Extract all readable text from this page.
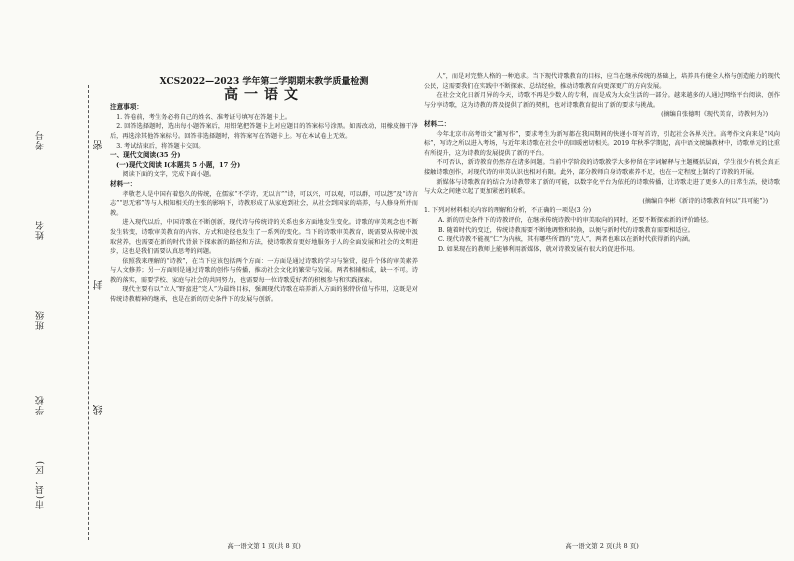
考号
姓名
班级
学校
市(县、区)
密
封
线
XCS2022—2023 学年第二学期期末教学质量检测
高一语文
注意事项：

1. 答卷前，考生务必将自己的姓名、准考证号填写在答题卡上。

2. 回答选择题时，选出每小题答案后，用铅笔把答题卡上对应题目的答案标号涂黑。如需改动，用橡皮擦干净后，再选涂其他答案标号。回答非选择题时，将答案写在答题卡上。写在本试卷上无效。

3. 考试结束后，将答题卡交回。

一、现代文阅读(35 分)
(一)现代文阅读 I(本题共 5 小题，17 分)

阅读下面的文字，完成下面小题。

材料一：

孝敬老人是中国有着悠久的传统，在儒家“不学诗，无以言”“诗，可以兴，可以观，可以群，可以怨”及“诗言志”“思无邪”等与人相知相关的主张的影响下，诗教形成了从家庭到社会，从社会到国家的培养，与人修身所并而教。

进入现代以后，中国诗歌在不断创新，现代诗与传统诗的关系也多方面地发生变化。诗歌的审美观念也不断发生转变，诗歌审美教育的内容、方式和途径也发生了一系列的变化。当下的诗歌审美教育，既需要从传统中汲取营养，也需要在新的时代背景下探索新的路径和方法，使诗歌教育更好地服务于人的全面发展和社会的文明进步，这也是我们需要认真思考的问题。

依照我来理解的“诗教”，在当下应该包括两个方面：一方面是通过诗歌的学习与鉴赏，提升个体的审美素养与人文修养；另一方面则是通过诗歌的创作与传播，推动社会文化的繁荣与发展。两者相辅相成，缺一不可。诗教的落实，需要学校、家庭与社会的共同努力，也需要每一位诗歌爱好者的积极参与和实践探索。

现代主要有以“立人”野蛮进“完人”为最终目标，强调现代诗歌在培养新人方面的独特价值与作用，这既是对传统诗教精神的继承，也是在新的历史条件下的发展与创新。

高一语文第 1 页(共 8 页)

人”，而是对完整人格的一种追求。当下现代诗歌教育的目标，应当在继承传统的基础上，培养具有健全人格与创造能力的现代公民，这需要我们在实践中不断探索、总结经验，推动诗歌教育向更深更广的方向发展。

在社会文化日新月异的今天，诗歌不再是少数人的专利，而是成为大众生活的一部分。越来越多的人通过网络平台阅读、创作与分享诗歌，这为诗教的普及提供了新的契机，也对诗歌教育提出了新的要求与挑战。

(摘编自张德明《现代美育，诗教何为》)

材料二：

今年北京市高考语文“激写作”，要求考生为新写都在我国期间的快递小哥写首诗，引起社会各界关注。高考作文向来是“风向标”，写诗之所以进入考场，与近年来诗歌在社会中的回暖密切相关。2019 年秋季学期起，高中语文统编教材中，诗歌单元的比重有所提升，这为诗教的发展提供了新的平台。

不可否认，新诗教育仍然存在诸多问题。当前中学阶段的诗歌教学大多停留在字词解释与主题概括层面，学生很少有机会真正接触诗歌创作，对现代诗的审美认识也相对有限。此外，部分教师自身诗歌素养不足，也在一定程度上制约了诗教的开展。

新媒体与诗歌教育的结合为诗教带来了新的可能，以数字化平台为依托的诗歌传播，让诗歌走进了更多人的日常生活，使诗歌与大众之间建立起了更加紧密的联系。

(摘编自李彬《新诗的诗歌教育何以“具可能”》)

1. 下列对材料相关内容的理解和分析，不正确的一项是(3 分)

A. 新的历史条件下的诗教评价，在继承传统诗教中的审美取向的同时，还要不断探索新的评价路径。

B. 随着时代的变迁，传统诗教需要不断地调整和转换，以便与新时代的诗歌教育需要相适应。

C. 现代诗教不能视“仁”为内核，其有哪些所谓的“完人”，两者也难以在新时代获得新的内涵。

D. 如果现在的教师上能够利用新媒体，就对诗教发展有很大的促进作用。

高一语文第 2 页(共 8 页)
